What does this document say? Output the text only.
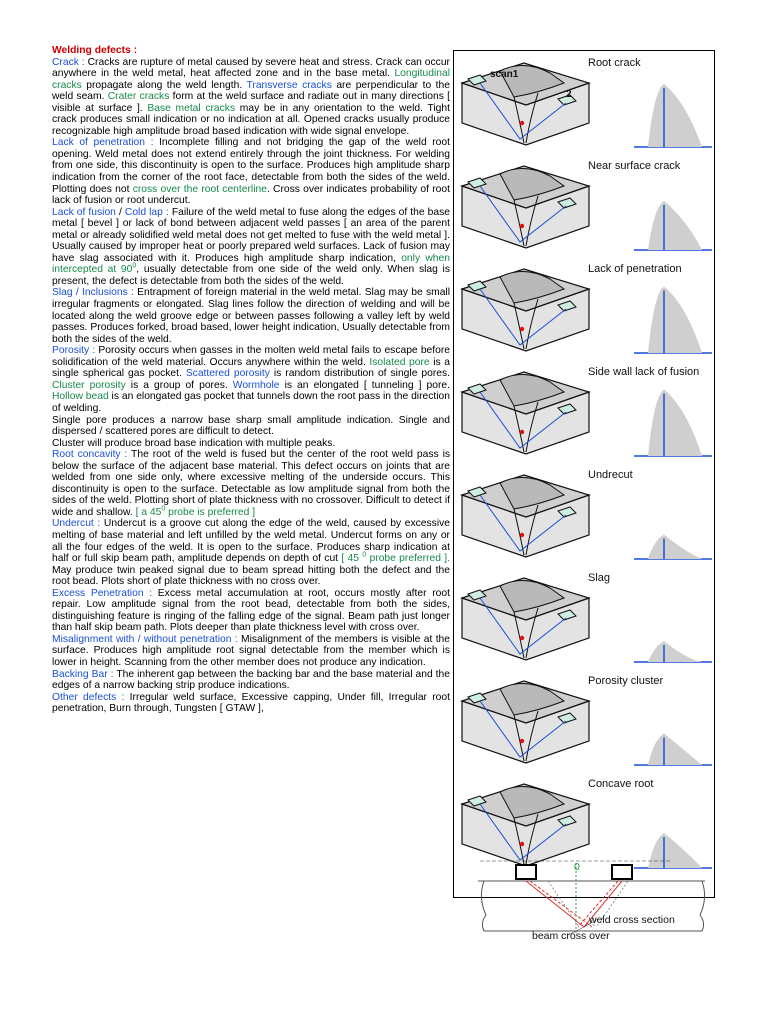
Welding defects :

Crack : Cracks are rupture of metal caused by severe heat and stress. Crack can occur anywhere in the weld metal, heat affected zone and in the base metal. Longitudinal cracks propagate along the weld length. Transverse cracks are perpendicular to the weld seam. Crater cracks form at the weld surface and radiate out in many directions [ visible at surface ]. Base metal cracks may be in any orientation to the weld. Tight crack produces small indication or no indication at all. Opened cracks usually produce recognizable high amplitude broad based indication with wide signal envelope.

Lack of penetration : Incomplete filling and not bridging the gap of the weld root opening. Weld metal does not extend entirely through the joint thickness. For welding from one side, this discontinuity is open to the surface. Produces high amplitude sharp indication from the corner of the root face, detectable from both the sides of the weld. Plotting does not cross over the root centerline. Cross over indicates probability of root lack of fusion or root undercut.

Lack of fusion / Cold lap : Failure of the weld metal to fuse along the edges of the base metal [ bevel ] or lack of bond between adjacent weld passes [ an area of the parent metal or already solidified weld metal does not get melted to fuse with the weld metal ]. Usually caused by improper heat or poorly prepared weld surfaces. Lack of fusion may have slag associated with it. Produces high amplitude sharp indication, only when intercepted at $90^0$, usually detectable from one side of the weld only. When slag is present, the defect is detectable from both the sides of the weld.

Slag / Inclusions : Entrapment of foreign material in the weld metal. Slag may be small irregular fragments or elongated. Slag lines follow the direction of welding and will be located along the weld groove edge or between passes following a valley left by weld passes. Produces forked, broad based, lower height indication, Usually detectable from both the sides of the weld.

Porosity : Porosity occurs when gasses in the molten weld metal fails to escape before solidification of the weld material. Occurs anywhere within the weld. Isolated pore is a single spherical gas pocket. Scattered porosity is random distribution of single pores. Cluster porosity is a group of pores. Wormhole is an elongated [ tunneling ] pore. Hollow bead is an elongated gas pocket that tunnels down the root pass in the direction of welding.

Single pore produces a narrow base sharp small amplitude indication. Single and dispersed / scattered pores are difficult to detect.

Cluster will produce broad base indication with multiple peaks.

Root concavity : The root of the weld is fused but the center of the root weld pass is below the surface of the adjacent base material. This defect occurs on joints that are welded from one side only, where excessive melting of the underside occurs. This discontinuity is open to the surface. Detectable as low amplitude signal from both the sides of the weld. Plotting short of plate thickness with no crossover. Difficult to detect if wide and shallow. [ a $45^0$ probe is preferred ]

Undercut : Undercut is a groove cut along the edge of the weld, caused by excessive melting of base material and left unfilled by the weld metal. Undercut forms on any or all the four edges of the weld. It is open to the surface. Produces sharp indication at half or full skip beam path, amplitude depends on depth of cut [ 45 $^0$ probe preferred ]. May produce twin peaked signal due to beam spread hitting both the defect and the root bead. Plots short of plate thickness with no cross over.

Excess Penetration : Excess metal accumulation at root, occurs mostly after root repair. Low amplitude signal from the root bead, detectable from both the sides, distinguishing feature is ringing of the falling edge of the signal. Beam path just longer than half skip beam path. Plots deeper than plate thickness level with cross over.

Misalignment with / without penetration : Misalignment of the members is visible at the surface. Produces high amplitude root signal detectable from the member which is lower in height. Scanning from the other member does not produce any indication.

Backing Bar : The inherent gap between the backing bar and the base material and the edges of a narrow backing strip produce indications.

Other defects : Irregular weld surface, Excessive capping, Under fill, Irregular root penetration, Burn through, Tungsten [ GTAW ],

Root crack
scan1
2
Near surface crack
Lack of penetration
Side wall lack of fusion
Undrecut
Slag
Porosity cluster
Concave root
0
weld cross section
beam cross over
